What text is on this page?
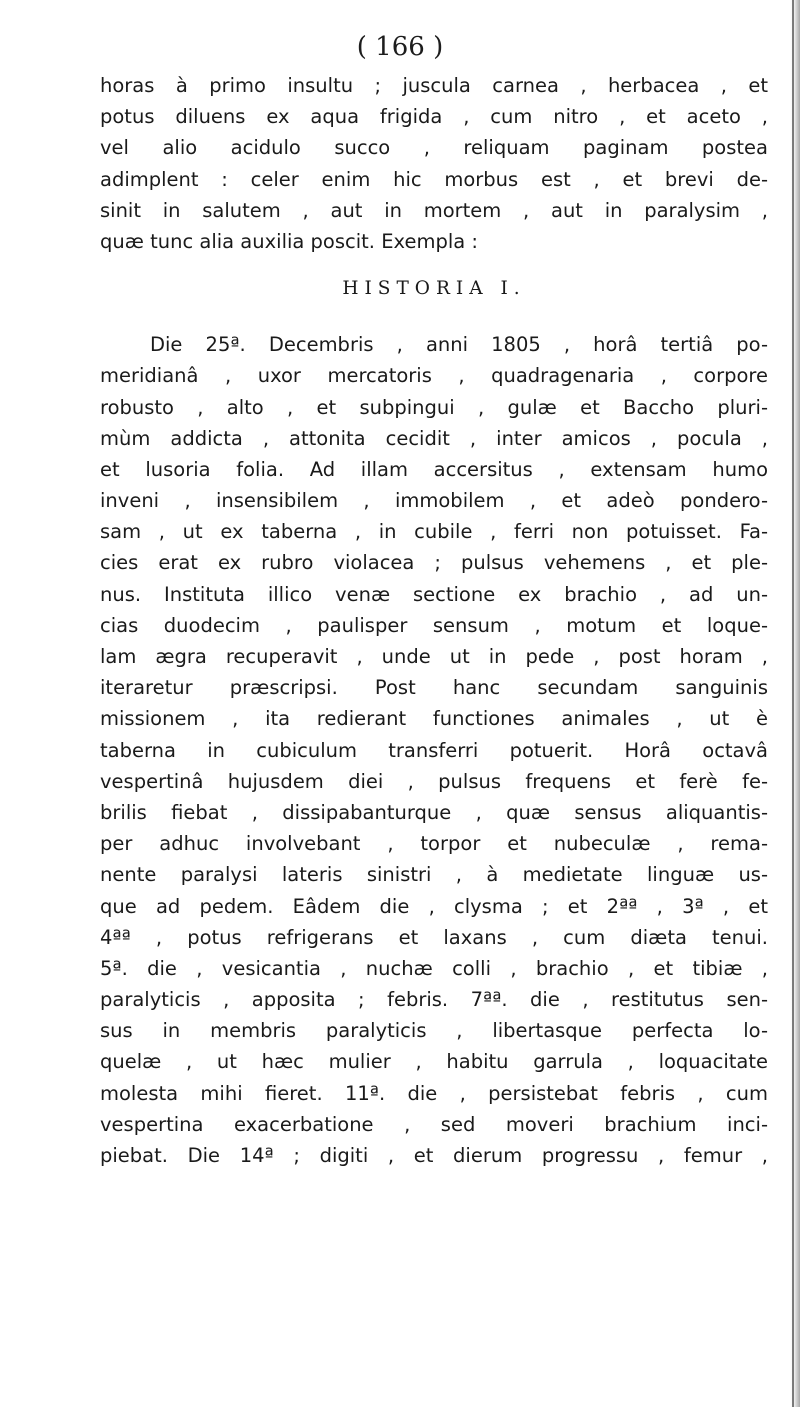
( 166 )
horas à primo insultu ; juscula carnea , herbacea , et
potus diluens ex aqua frigida , cum nitro , et aceto ,
vel alio acidulo succo , reliquam paginam postea
adimplent : celer enim hic morbus est , et brevi de-
sinit in salutem , aut in mortem , aut in paralysim ,
quæ tunc alia auxilia poscit. Exempla :
HISTORIA I.
Die 25ª. Decembris , anni 1805 , horâ tertiâ po-
meridianâ , uxor mercatoris , quadragenaria , corpore
robusto , alto , et subpingui , gulæ et Baccho pluri-
mùm addicta , attonita cecidit , inter amicos , pocula ,
et lusoria folia. Ad illam accersitus , extensam humo
inveni , insensibilem , immobilem , et adeò pondero-
sam , ut ex taberna , in cubile , ferri non potuisset. Fa-
cies erat ex rubro violacea ; pulsus vehemens , et ple-
nus. Instituta illico venæ sectione ex brachio , ad un-
cias duodecim , paulisper sensum , motum et loque-
lam ægra recuperavit , unde ut in pede , post horam ,
iteraretur præscripsi. Post hanc secundam sanguinis
missionem , ita redierant functiones animales , ut è
taberna in cubiculum transferri potuerit. Horâ octavâ
vespertinâ hujusdem diei , pulsus frequens et ferè fe-
brilis fiebat , dissipabanturque , quæ sensus aliquantis-
per adhuc involvebant , torpor et nubeculæ , rema-
nente paralysi lateris sinistri , à medietate linguæ us-
que ad pedem. Eâdem die , clysma ; et 2ªª , 3ª , et
4ªª , potus refrigerans et laxans , cum diæta tenui.
5ª. die , vesicantia , nuchæ colli , brachio , et tibiæ ,
paralyticis , apposita ; febris. 7ªª. die , restitutus sen-
sus in membris paralyticis , libertasque perfecta lo-
quelæ , ut hæc mulier , habitu garrula , loquacitate
molesta mihi fieret. 11ª. die , persistebat febris , cum
vespertina exacerbatione , sed moveri brachium inci-
piebat. Die 14ª ; digiti , et dierum progressu , femur ,
